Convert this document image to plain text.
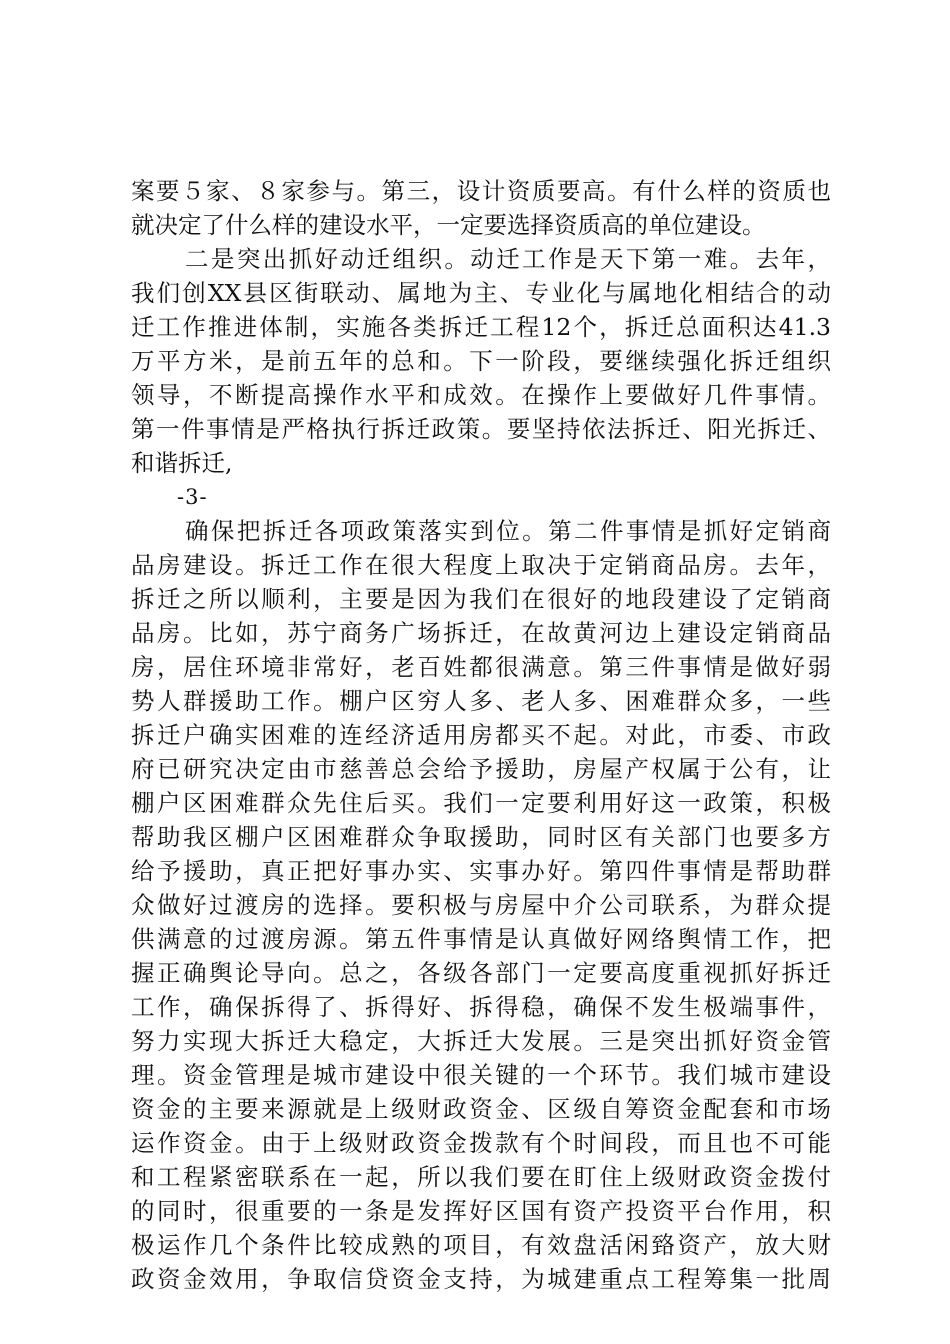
案要５家、８家参与。第三，设计资质要高。有什么样的资质也
就决定了什么样的建设水平，一定要选择资质高的单位建设。
二是突出抓好动迁组织。动迁工作是天下第一难。去年，
我们创XX县区街联动、属地为主、专业化与属地化相结合的动
迁工作推进体制，实施各类拆迁工程12个，拆迁总面积达41.3
万平方米，是前五年的总和。下一阶段，要继续强化拆迁组织
领导，不断提高操作水平和成效。在操作上要做好几件事情。
第一件事情是严格执行拆迁政策。要坚持依法拆迁、阳光拆迁、
和谐拆迁,
-3-
确保把拆迁各项政策落实到位。第二件事情是抓好定销商
品房建设。拆迁工作在很大程度上取决于定销商品房。去年，
拆迁之所以顺利，主要是因为我们在很好的地段建设了定销商
品房。比如，苏宁商务广场拆迁，在故黄河边上建设定销商品
房，居住环境非常好，老百姓都很满意。第三件事情是做好弱
势人群援助工作。棚户区穷人多、老人多、困难群众多，一些
拆迁户确实困难的连经济适用房都买不起。对此，市委、市政
府已研究决定由市慈善总会给予援助，房屋产权属于公有，让
棚户区困难群众先住后买。我们一定要利用好这一政策，积极
帮助我区棚户区困难群众争取援助，同时区有关部门也要多方
给予援助，真正把好事办实、实事办好。第四件事情是帮助群
众做好过渡房的选择。要积极与房屋中介公司联系，为群众提
供满意的过渡房源。第五件事情是认真做好网络舆情工作，把
握正确舆论导向。总之，各级各部门一定要高度重视抓好拆迁
工作，确保拆得了、拆得好、拆得稳，确保不发生极端事件，
努力实现大拆迁大稳定，大拆迁大发展。三是突出抓好资金管
理。资金管理是城市建设中很关键的一个环节。我们城市建设
资金的主要来源就是上级财政资金、区级自筹资金配套和市场
运作资金。由于上级财政资金拨款有个时间段，而且也不可能
和工程紧密联系在一起，所以我们要在盯住上级财政资金拨付
的同时，很重要的一条是发挥好区国有资产投资平台作用，积
极运作几个条件比较成熟的项目，有效盘活闲臵资产，放大财
政资金效用，争取信贷资金支持，为城建重点工程筹集一批周
